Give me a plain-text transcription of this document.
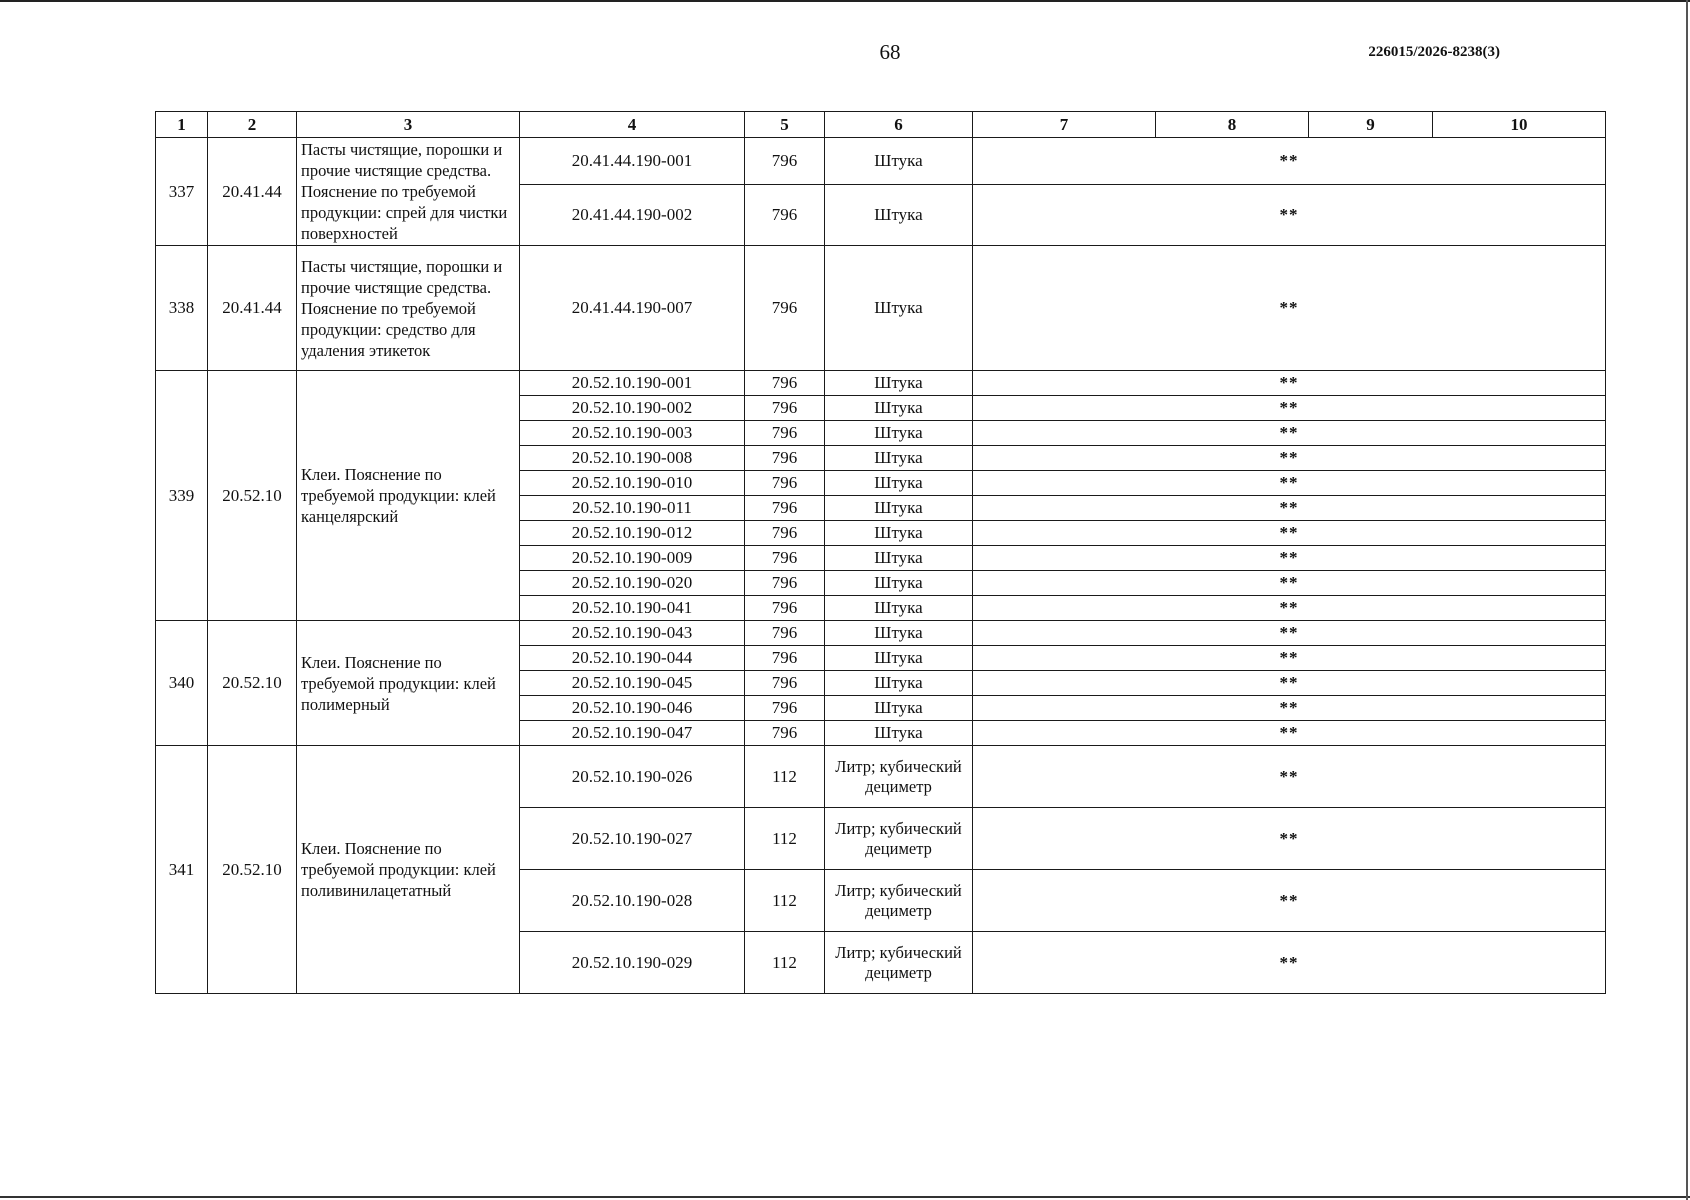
68	226015/2026-8238(3)
1	2	3	4	5	6	7	8	9	10
337	20.41.44	Пасты чистящие, порошки и прочие чистящие средства. Пояснение по требуемой продукции: спрей для чистки поверхностей	20.41.44.190-001	796	Штука	**			
			20.41.44.190-002	796	Штука	**			
338	20.41.44	Пасты чистящие, порошки и прочие чистящие средства. Пояснение по требуемой продукции: средство для удаления этикеток	20.41.44.190-007	796	Штука	**			
339	20.52.10	Клеи. Пояснение по требуемой продукции: клей канцелярский	20.52.10.190-001	796	Штука	**			
			20.52.10.190-002	796	Штука	**			
			20.52.10.190-003	796	Штука	**			
			20.52.10.190-008	796	Штука	**			
			20.52.10.190-010	796	Штука	**			
			20.52.10.190-011	796	Штука	**			
			20.52.10.190-012	796	Штука	**			
			20.52.10.190-009	796	Штука	**			
			20.52.10.190-020	796	Штука	**			
			20.52.10.190-041	796	Штука	**			
340	20.52.10	Клеи. Пояснение по требуемой продукции: клей полимерный	20.52.10.190-043	796	Штука	**			
			20.52.10.190-044	796	Штука	**			
			20.52.10.190-045	796	Штука	**			
			20.52.10.190-046	796	Штука	**			
			20.52.10.190-047	796	Штука	**			
341	20.52.10	Клеи. Пояснение по требуемой продукции: клей поливинилацетатный	20.52.10.190-026	112	Литр; кубический дециметр	**			
			20.52.10.190-027	112	Литр; кубический дециметр	**			
			20.52.10.190-028	112	Литр; кубический дециметр	**			
			20.52.10.190-029	112	Литр; кубический дециметр	**			
